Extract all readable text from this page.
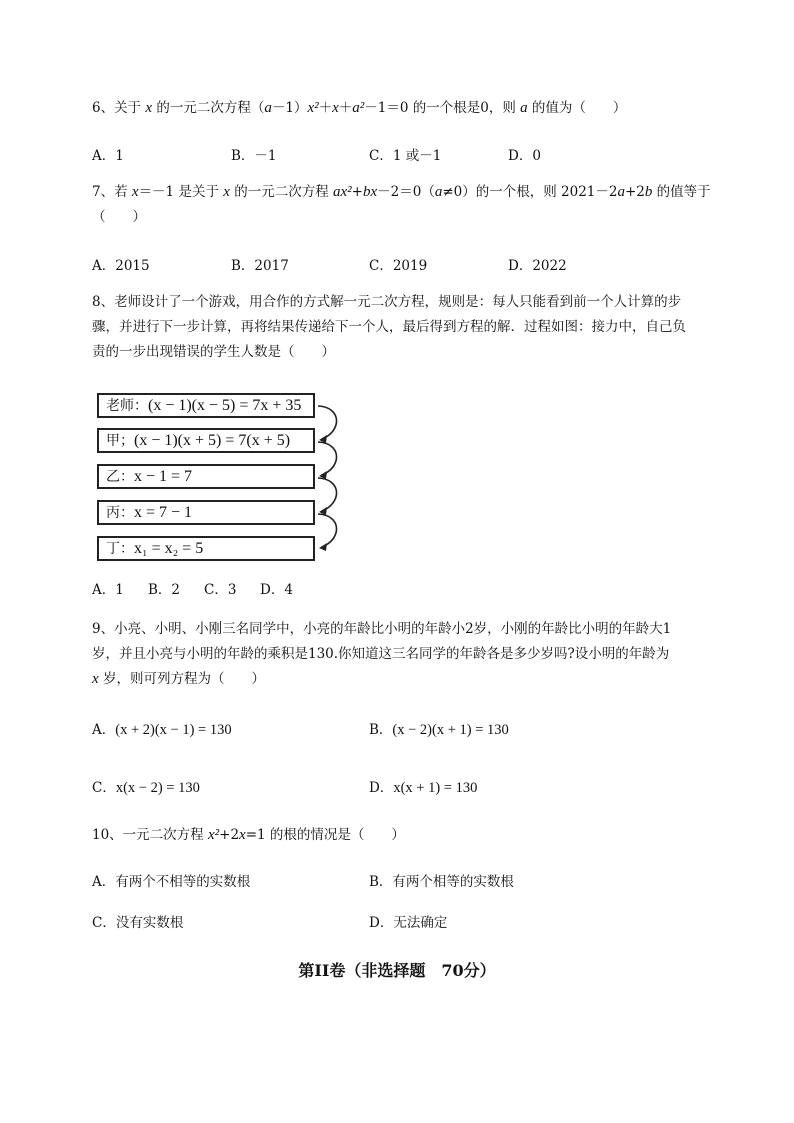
6、关于 x 的一元二次方程（a－1）x²＋x＋a²－1＝0 的一个根是0，则 a 的值为（　　）
A．1	B．－1	C．1 或－1	D．0
7、若 x＝－1 是关于 x 的一元二次方程 ax²+bx－2＝0（a≠0）的一个根，则 2021－2a+2b 的值等于
（　　）
A．2015	B．2017	C．2019	D．2022
8、老师设计了一个游戏，用合作的方式解一元二次方程，规则是：每人只能看到前一个人计算的步
骤，并进行下一步计算，再将结果传递给下一个人，最后得到方程的解．过程如图：接力中，自己负
责的一步出现错误的学生人数是（　　）
老师：(x − 1)(x − 5) = 7x + 35
甲；(x − 1)(x + 5) = 7(x + 5)
乙：x − 1 = 7
丙：x = 7 − 1
丁：x₁ = x₂ = 5
A．1 B．2 C．3 D．4
9、小亮、小明、小刚三名同学中，小亮的年龄比小明的年龄小2岁，小刚的年龄比小明的年龄大1
岁，并且小亮与小明的年龄的乘积是130.你知道这三名同学的年龄各是多少岁吗?设小明的年龄为
x 岁，则可列方程为（　　）
A．(x + 2)(x − 1) = 130	B．(x − 2)(x + 1) = 130
C．x(x − 2) = 130	D．x(x + 1) = 130
10、一元二次方程 x²+2x=1 的根的情况是（　　）
A．有两个不相等的实数根	B．有两个相等的实数根
C．没有实数根	D．无法确定
第II卷（非选择题　70分）
